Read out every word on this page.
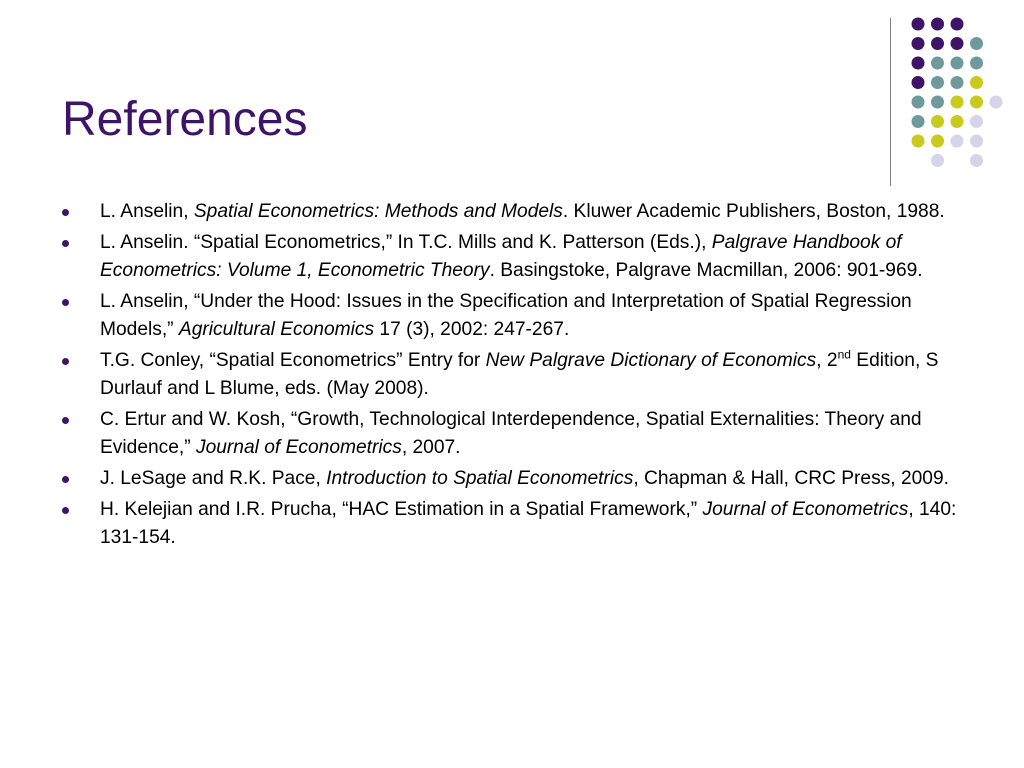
References
L. Anselin, Spatial Econometrics: Methods and Models. Kluwer Academic Publishers, Boston, 1988.
L. Anselin. “Spatial Econometrics,” In T.C. Mills and K. Patterson (Eds.), Palgrave Handbook of Econometrics: Volume 1, Econometric Theory. Basingstoke, Palgrave Macmillan, 2006: 901-969.
L. Anselin, “Under the Hood: Issues in the Specification and Interpretation of Spatial Regression Models,” Agricultural Economics 17 (3), 2002: 247-267.
T.G. Conley, “Spatial Econometrics” Entry for New Palgrave Dictionary of Economics, 2nd Edition, S Durlauf and L Blume, eds. (May 2008).
C. Ertur and W. Kosh, “Growth, Technological Interdependence, Spatial Externalities: Theory and Evidence,” Journal of Econometrics, 2007.
J. LeSage and R.K. Pace, Introduction to Spatial Econometrics, Chapman & Hall, CRC Press, 2009.
H. Kelejian and I.R. Prucha, “HAC Estimation in a Spatial Framework,” Journal of Econometrics, 140: 131-154.
